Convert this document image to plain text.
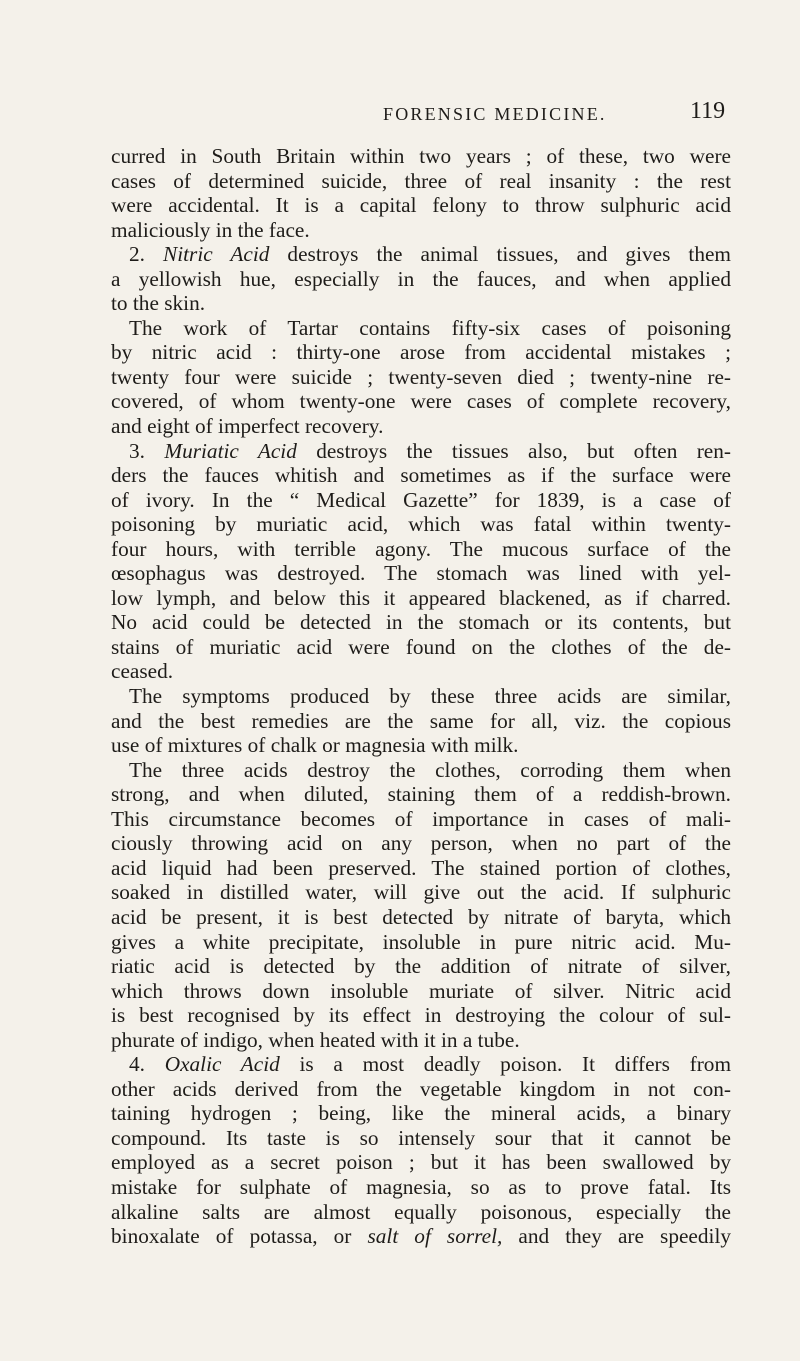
FORENSIC MEDICINE.	119
curred in South Britain within two years ; of these, two were
cases of determined suicide, three of real insanity : the rest
were accidental. It is a capital felony to throw sulphuric acid
maliciously in the face.
2. Nitric Acid destroys the animal tissues, and gives them
a yellowish hue, especially in the fauces, and when applied
to the skin.
The work of Tartar contains fifty-six cases of poisoning
by nitric acid : thirty-one arose from accidental mistakes ;
twenty four were suicide ; twenty-seven died ; twenty-nine re-
covered, of whom twenty-one were cases of complete recovery,
and eight of imperfect recovery.
3. Muriatic Acid destroys the tissues also, but often ren-
ders the fauces whitish and sometimes as if the surface were
of ivory. In the “ Medical Gazette” for 1839, is a case of
poisoning by muriatic acid, which was fatal within twenty-
four hours, with terrible agony. The mucous surface of the
œsophagus was destroyed. The stomach was lined with yel-
low lymph, and below this it appeared blackened, as if charred.
No acid could be detected in the stomach or its contents, but
stains of muriatic acid were found on the clothes of the de-
ceased.
The symptoms produced by these three acids are similar,
and the best remedies are the same for all, viz. the copious
use of mixtures of chalk or magnesia with milk.
The three acids destroy the clothes, corroding them when
strong, and when diluted, staining them of a reddish-brown.
This circumstance becomes of importance in cases of mali-
ciously throwing acid on any person, when no part of the
acid liquid had been preserved. The stained portion of clothes,
soaked in distilled water, will give out the acid. If sulphuric
acid be present, it is best detected by nitrate of baryta, which
gives a white precipitate, insoluble in pure nitric acid. Mu-
riatic acid is detected by the addition of nitrate of silver,
which throws down insoluble muriate of silver. Nitric acid
is best recognised by its effect in destroying the colour of sul-
phurate of indigo, when heated with it in a tube.
4. Oxalic Acid is a most deadly poison. It differs from
other acids derived from the vegetable kingdom in not con-
taining hydrogen ; being, like the mineral acids, a binary
compound. Its taste is so intensely sour that it cannot be
employed as a secret poison ; but it has been swallowed by
mistake for sulphate of magnesia, so as to prove fatal. Its
alkaline salts are almost equally poisonous, especially the
binoxalate of potassa, or salt of sorrel, and they are speedily
